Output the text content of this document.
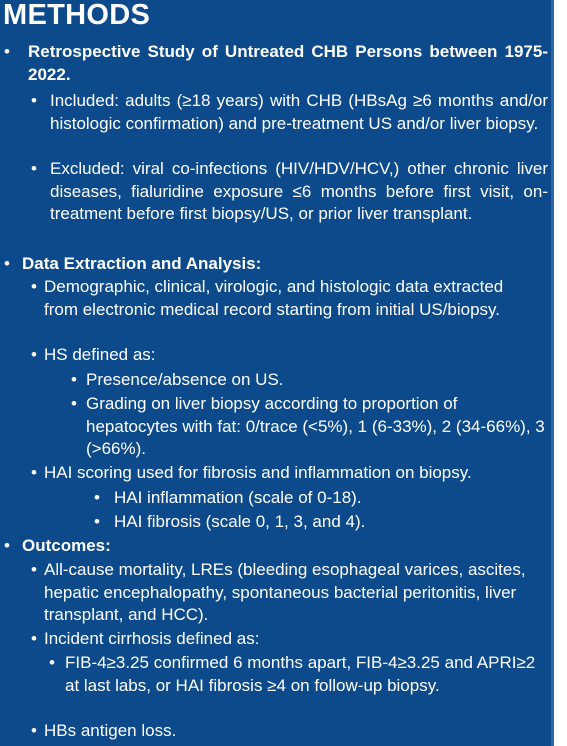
METHODS
• Retrospective Study of Untreated CHB Persons between 1975-2022.
• Included: adults (≥18 years) with CHB (HBsAg ≥6 months and/or histologic confirmation) and pre-treatment US and/or liver biopsy.
• Excluded: viral co-infections (HIV/HDV/HCV,) other chronic liver diseases, fialuridine exposure ≤6 months before first visit, on-treatment before first biopsy/US, or prior liver transplant.
• Data Extraction and Analysis:
• Demographic, clinical, virologic, and histologic data extracted from electronic medical record starting from initial US/biopsy.
• HS defined as:
• Presence/absence on US.
• Grading on liver biopsy according to proportion of hepatocytes with fat: 0/trace (<5%), 1 (6-33%), 2 (34-66%), 3 (>66%).
• HAI scoring used for fibrosis and inflammation on biopsy.
• HAI inflammation (scale of 0-18).
• HAI fibrosis (scale 0, 1, 3, and 4).
• Outcomes:
• All-cause mortality, LREs (bleeding esophageal varices, ascites, hepatic encephalopathy, spontaneous bacterial peritonitis, liver transplant, and HCC).
• Incident cirrhosis defined as:
• FIB-4≥3.25 confirmed 6 months apart, FIB-4≥3.25 and APRI≥2 at last labs, or HAI fibrosis ≥4 on follow-up biopsy.
• HBs antigen loss.
